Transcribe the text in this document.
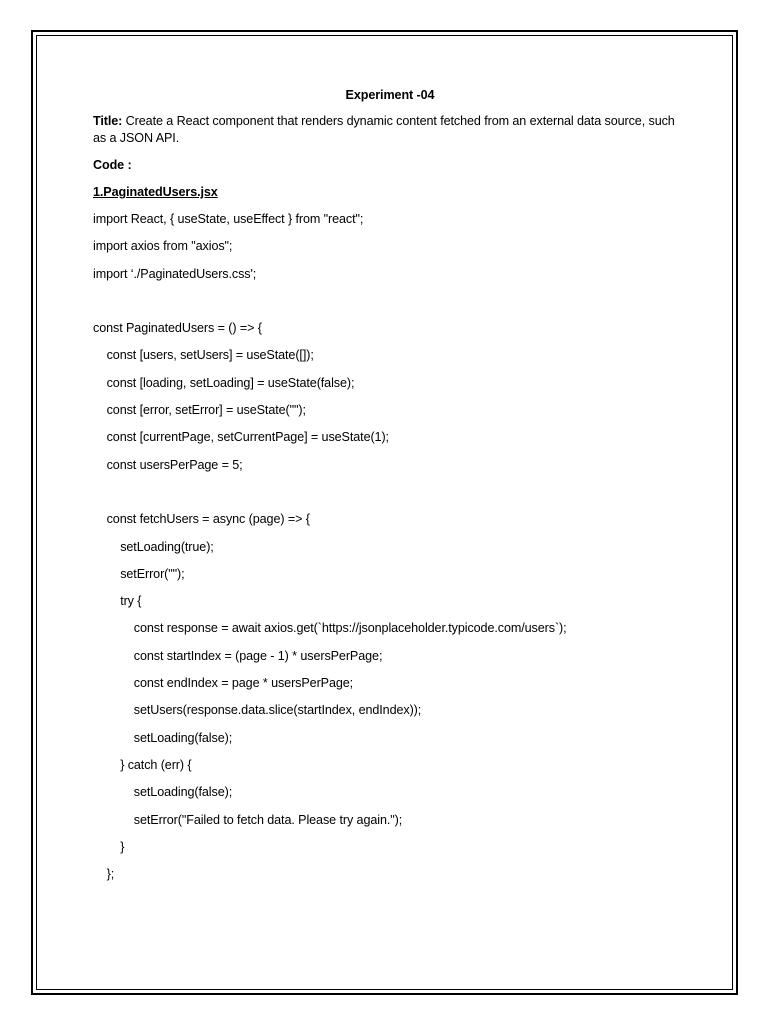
Experiment -04
Title: Create a React component that renders dynamic content fetched from an external data source, such as a JSON API.
Code :
1.PaginatedUsers.jsx
import React, { useState, useEffect } from "react";
import axios from "axios";
import ‘./PaginatedUsers.css';
const PaginatedUsers = () => {
const [users, setUsers] = useState([]);
const [loading, setLoading] = useState(false);
const [error, setError] = useState("");
const [currentPage, setCurrentPage] = useState(1);
const usersPerPage = 5;
const fetchUsers = async (page) => {
setLoading(true);
setError("");
try {
const response = await axios.get(`https://jsonplaceholder.typicode.com/users`);
const startIndex = (page - 1) * usersPerPage;
const endIndex = page * usersPerPage;
setUsers(response.data.slice(startIndex, endIndex));
setLoading(false);
} catch (err) {
setLoading(false);
setError("Failed to fetch data. Please try again.");
}
};
